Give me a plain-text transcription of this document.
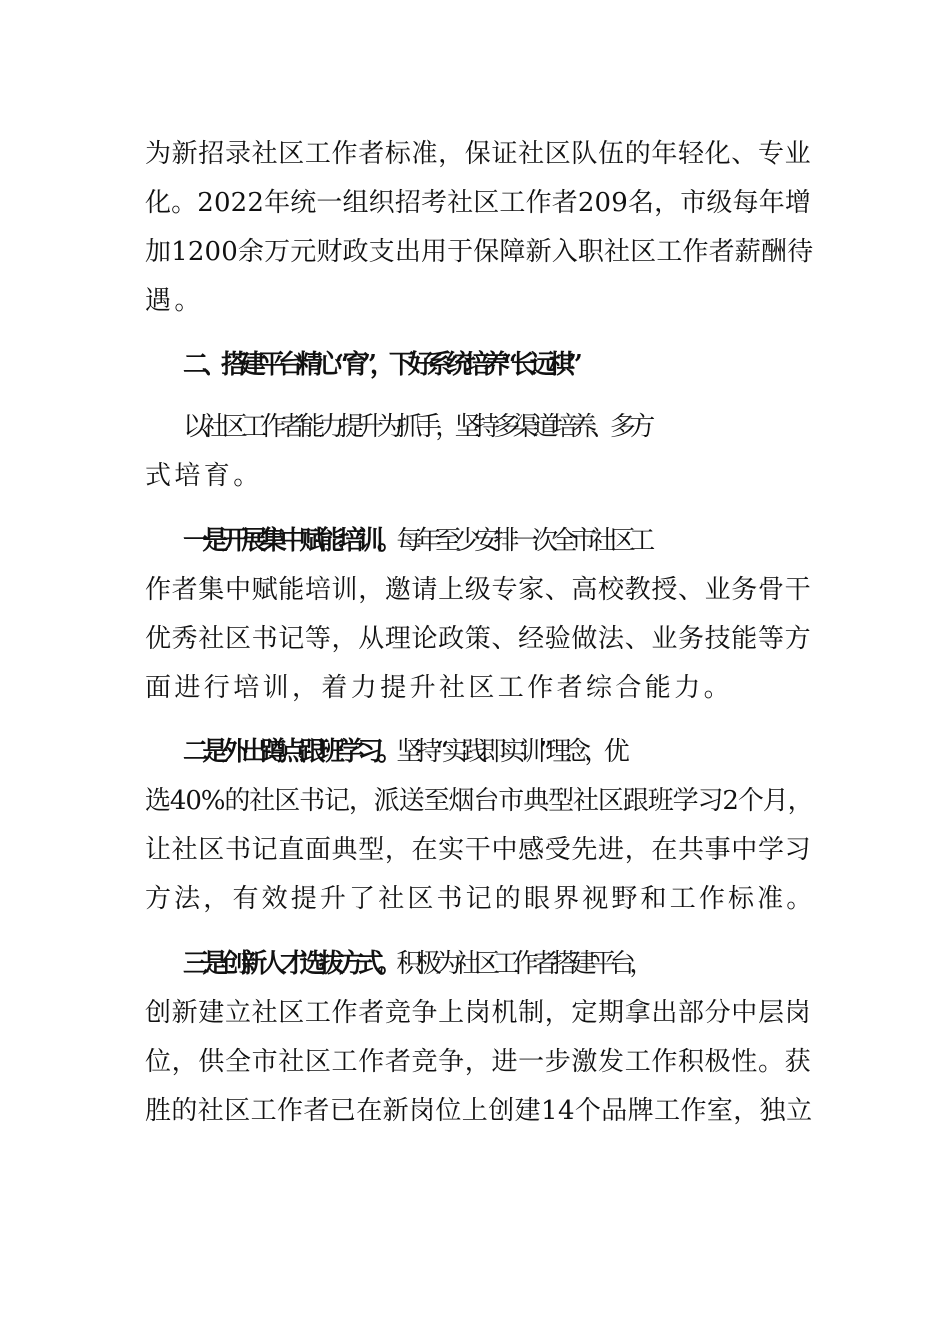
为新招录社区工作者标准，保证社区队伍的年轻化、专业
化。2022年统一组织招考社区工作者209名，市级每年增
加1200余万元财政支出用于保障新入职社区工作者薪酬待
遇。
二、搭建平台精心“育”，下好系统培养“长远棋”
以社区工作者能力提升为抓手，坚持多渠道培养、多方
式培育。
一是开展集中赋能培训。每年至少安排一次全市社区工
作者集中赋能培训，邀请上级专家、高校教授、业务骨干
优秀社区书记等，从理论政策、经验做法、业务技能等方
面进行培训，着力提升社区工作者综合能力。
二是外出蹲点跟班学习。坚持“实践即实训”理念，优
选40%的社区书记，派送至烟台市典型社区跟班学习2个月，
让社区书记直面典型，在实干中感受先进，在共事中学习
方法，有效提升了社区书记的眼界视野和工作标准。
三是创新人才选拔方式。积极为社区工作者搭建平台，
创新建立社区工作者竞争上岗机制，定期拿出部分中层岗
位，供全市社区工作者竞争，进一步激发工作积极性。获
胜的社区工作者已在新岗位上创建14个品牌工作室，独立
